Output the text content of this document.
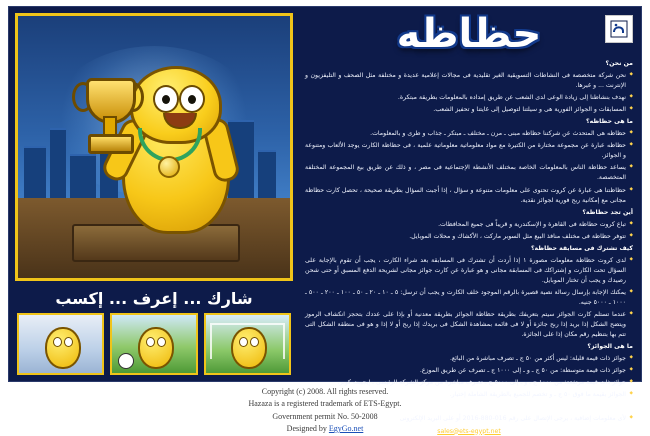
شارك ... إعرف ... إكسب
حظاظه

من نحن؟

◆ نحن شركة متخصصة فى النشاطات التسويقية الغير تقليدية فى مجالات إعلامية عديدة و مختلفة مثل الصحف و التليفزيون و الإنترنت ... و غيرها.

◆ نهدف بنشاطنا إلى زيادة الوعى لدى الشعب عن طريق إمداده بالمعلومات بطريقة مبتكرة.

◆ المسابقات و الجوائز الفورية هى و سيلتنا لتوصيل إلى غايتنا و تحفيز الشعب.

ما هى حظاظه؟

◆ حظاظه هى المتحدث عن شركتنا حظاظه مبنى ـ مرن ـ مختلف ـ مبتكر ـ جذاب و طرى و بالمعلومات.

◆ حظاظه عبارة عن مجموعة مختارة من الكتيرة مع مواد معلوماتية معلوماتية علمية ، فى حظاظة الكارت يوجد الألعاب ومتنوعة و الجوائز.

◆ يساعد حظاظة الناس بالمعلومات الخاصة بمختلف الأنشطة الإجتماعية فى مصر ، و ذلك عن طريق بيع المجموعة المختلفة المتخصصة.

◆ حظاظتنا هى عبارة عن كروت تحتوى على معلومات متنوعة و سؤال ، إذا أجبت السؤال بطريقة صحيحة ، تحصل كارت حظاظة مجانى مع إمكانية ربح فورية لجوائز نقدية.

أين تجد حظاظة؟

◆ تباع كروت حظاظة فى القاهرة و الإسكندرية و قريباً فى جميع المحافظات.

◆ تتوفر حظاظة فى مختلف منافذ البيع مثل السوبر ماركت ، الأكشاك و محلات الموبايل.

كيف تشترك فى مسابقة حظاظة؟

◆ لدى كروت حظاظة معلومات مصورة ١ إذا أردت أن تشترك فى المسابقة بعد شراء الكارت ، يجب أن تقوم بالإجابة على السؤال تحت الكارت و إشتراكك فى المسابقة مجانى و هو عبارة عن كارت جوائز مجانى لشريحة الدفع المسبق أو حتى شحن رصيدك و يجب أن تختار الموبايل.

◆ يمكنك الإجابة بإرسال رسالة نصية قصيرة بالرقم الموجود خلف الكارت و يجب أن ترسل: ٥ ـ ١٠ ـ ٢٠ ـ ٥٠ ـ ١٠٠ ـ ٢٠٠ ـ ٥٠٠ ـ ١٠٠٠ ـ ٥٠٠٠ جنيه.

◆ عندما تستلم كارت الجوائز سيتم بتعريفك بطريقة حظاظة الجوائز بطريقة معدنية أو بإذا على عددك بتحجز انكشاف الرموز ويتضح الشكل إذا بريد إذا ربح جائزة أو لا فى قائمة بمشاهدة الشكل فى بريدك إذا ربح أو لا إذا و هو فى منطقة الشكل التى تتم بها بتنظيم رقم مكان إذا على الجائزة.

ما هى الجوائز؟

◆ جوائز ذات قيمة قليلة: ليس أكثر من ٥٠ ج ـ تصرف مباشرة من البائع.

◆ جوائز ذات قيمة متوسطة: من ٥٠ ج ـ و ـ إلى ١٠٠٠ ج ـ تصرف عن طريق الموزع.

◆ جوائز ذات قيمة مرتفعة: من ١٠٠٠ ج ـ و ـ إلى ٥٠٠٠ ج ـ تصرف مباشرة من مركز الشركة الرئيسى ـ إيجيبت كوبر.

◆ الجوائز بقيمة ما فوق ٥٠ ج ـ و تخصم للجميع بالطريقة الشاملة إختيار.

إتصل بنا:

◆ لأى معلومات إضافية ، يرجى الإتصال على رقم 016-880-2016 أو على البريد الإلكترونى

sales@ets-egypt.net
Copyright (c) 2008. All rights reserved.
Hazaza is a registered trademark of ETS-Egypt.
Government permit No. 50-2008
Designed by EgyGo.net
